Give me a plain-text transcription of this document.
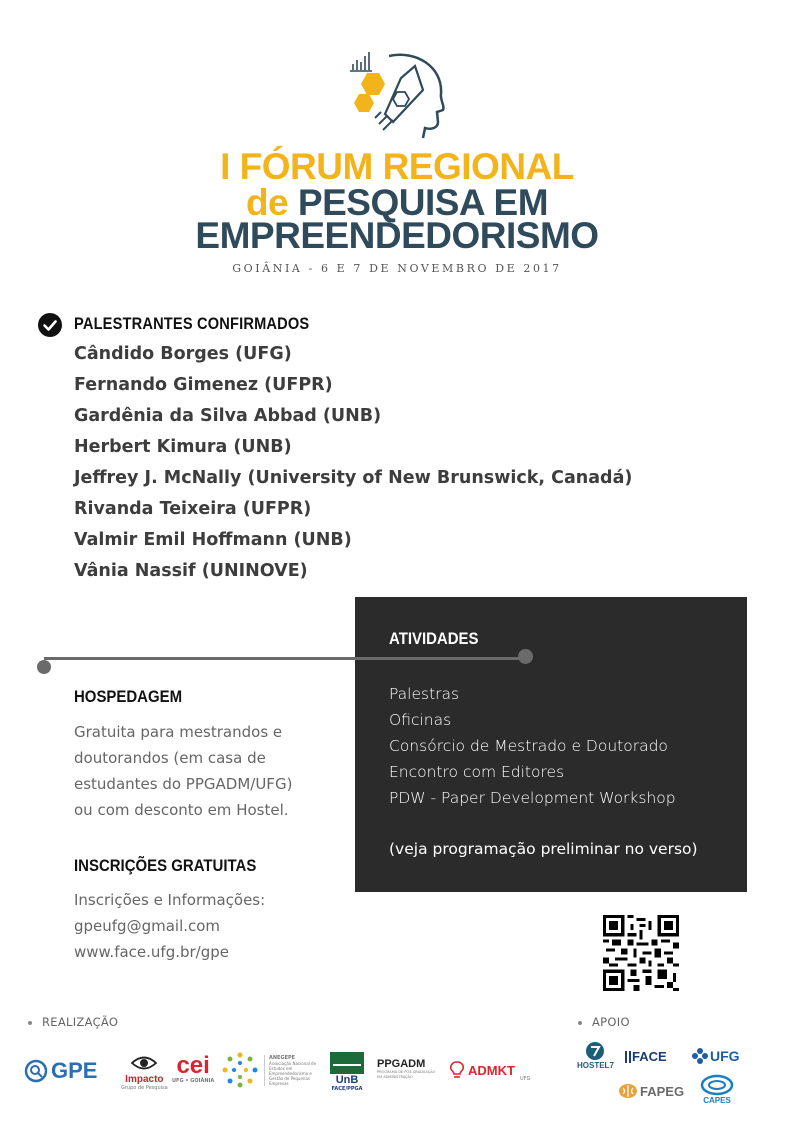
I FÓRUM REGIONAL
de PESQUISA EM
EMPREENDEDORISMO
GOIÂNIA - 6 E 7 DE NOVEMBRO DE 2017
PALESTRANTES CONFIRMADOS
Cândido Borges (UFG)
Fernando Gimenez (UFPR)
Gardênia da Silva Abbad (UNB)
Herbert Kimura (UNB)
Jeffrey J. McNally (University of New Brunswick, Canadá)
Rivanda Teixeira (UFPR)
Valmir Emil Hoffmann (UNB)
Vânia Nassif (UNINOVE)
ATIVIDADES
Palestras
Oficinas
Consórcio de Mestrado e Doutorado
Encontro com Editores
PDW - Paper Development Workshop
(veja programação preliminar no verso)
HOSPEDAGEM
Gratuita para mestrandos e
doutorandos (em casa de
estudantes do PPGADM/UFG)
ou com desconto em Hostel.
INSCRIÇÕES GRATUITAS
Inscrições e Informações:
gpeufg@gmail.com
www.face.ufg.br/gpe
REALIZAÇÃO	APOIO
GPE	Impacto
Grupo de Pesquisa
cei
UFG • GOIÂNIA
ANEGEPE
Associação Nacional de Estudos em Empreendedorismo e Gestão de Pequenas Empresas	UnB
FACE/PPGA
PPGADM
PROGRAMA DE PÓS-GRADUAÇÃO EM ADMINISTRAÇÃO	ADMKT
UFG
HOSTEL7
FACE	UFG
FAPEG
CAPES
